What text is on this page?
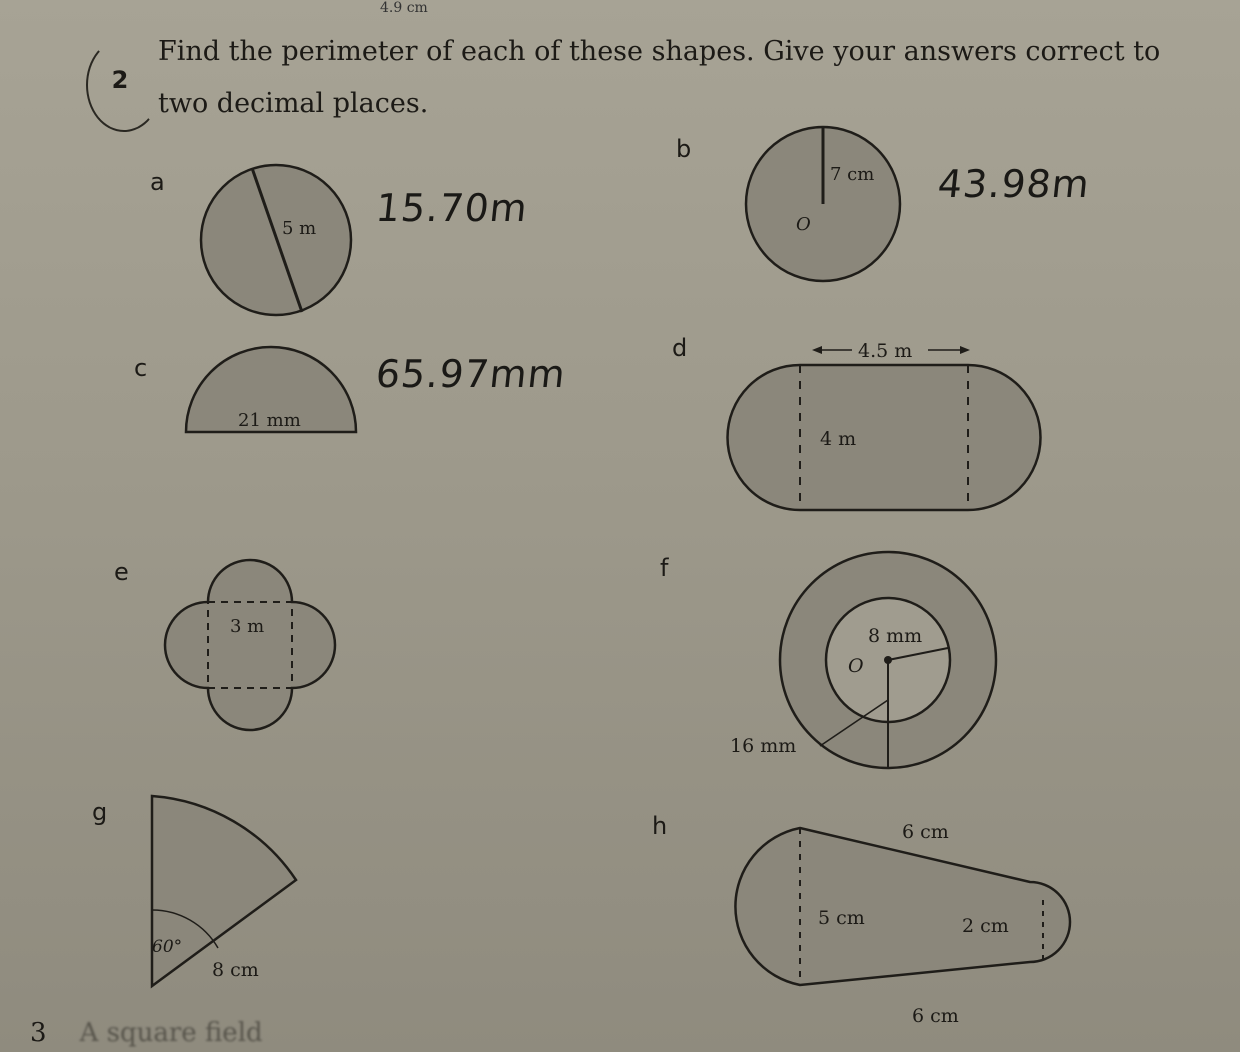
4.9 cm
2
Find the perimeter of each of these shapes. Give your answers correct to two decimal places.
a
b
c
d
e	f
g	h
15.70m
43.98m
65.97mm
5 m
7 cm
O
21 mm
4.5 m
4 m
3 m	8 mm
O
16 mm
60°
8 cm
6 cm
5 cm	2 cm
6 cm
3 A square field
